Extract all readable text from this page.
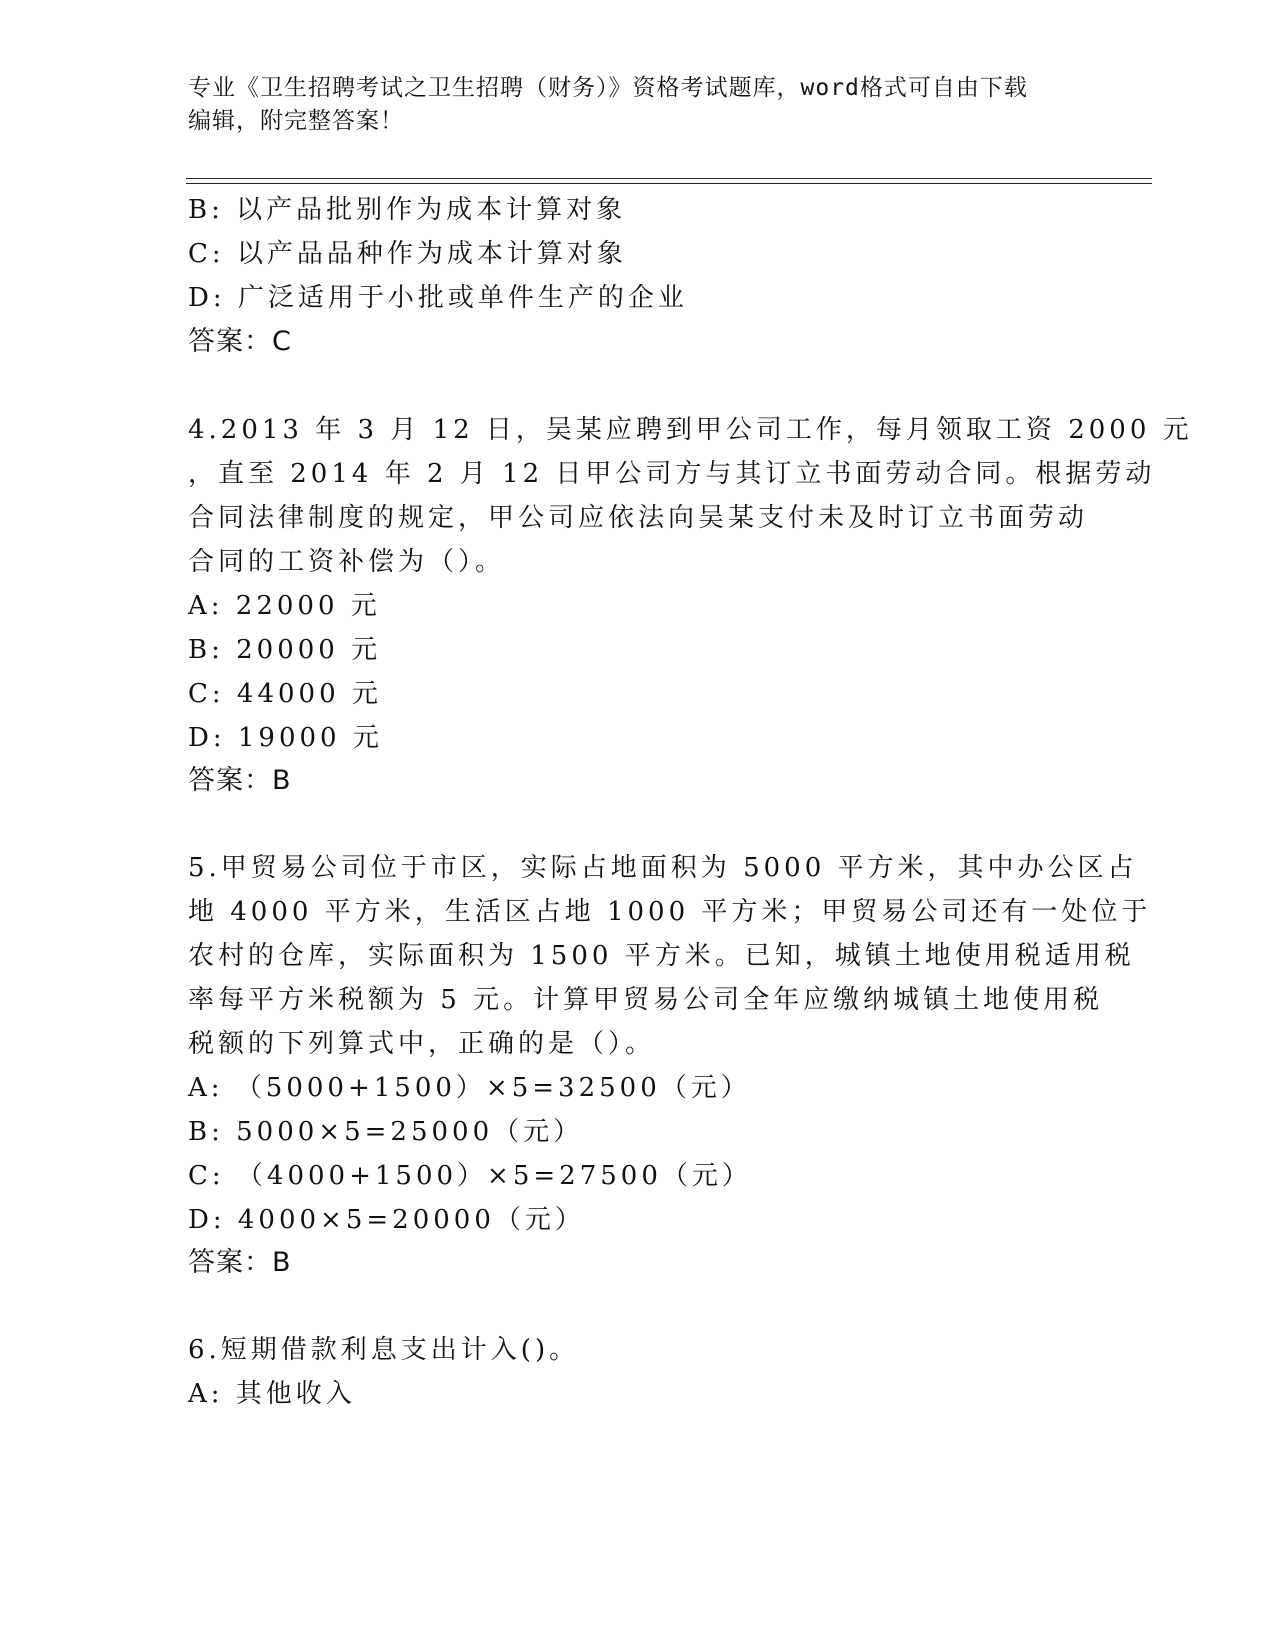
专业《卫生招聘考试之卫生招聘（财务）》资格考试题库，word格式可自由下载
编辑，附完整答案！
B: 以产品批别作为成本计算对象
C: 以产品品种作为成本计算对象
D: 广泛适用于小批或单件生产的企业
答案：C
4.2013 年 3 月 12 日，吴某应聘到甲公司工作，每月领取工资 2000 元
，直至 2014 年 2 月 12 日甲公司方与其订立书面劳动合同。根据劳动
合同法律制度的规定，甲公司应依法向吴某支付未及时订立书面劳动
合同的工资补偿为（）。
A: 22000 元
B: 20000 元
C: 44000 元
D: 19000 元
答案：B
5.甲贸易公司位于市区，实际占地面积为 5000 平方米，其中办公区占
地 4000 平方米，生活区占地 1000 平方米；甲贸易公司还有一处位于
农村的仓库，实际面积为 1500 平方米。已知，城镇土地使用税适用税
率每平方米税额为 5 元。计算甲贸易公司全年应缴纳城镇土地使用税
税额的下列算式中，正确的是（）。
A: （5000+1500）×5=32500（元）
B: 5000×5=25000（元）
C: （4000+1500）×5=27500（元）
D: 4000×5=20000（元）
答案：B
6.短期借款利息支出计入()。
A: 其他收入
